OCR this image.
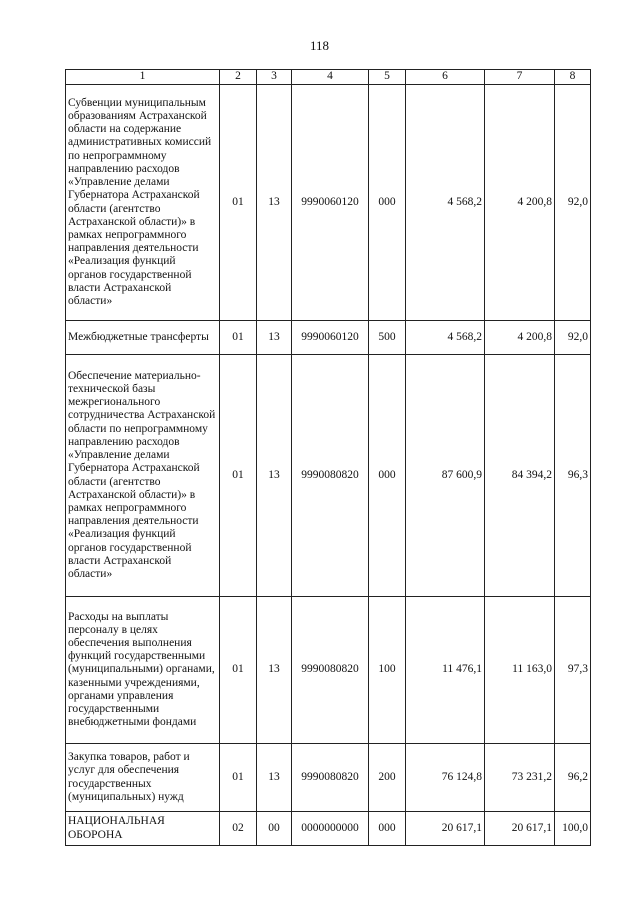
118
1	2	3	4	5	6	7	8
Субвенции муниципальным образованиям Астраханской области на содержание административных комиссий по непрограммному направлению расходов «Управление делами Губернатора Астраханской области (агентство Астраханской области)» в рамках непрограммного направления деятельности «Реализация функций органов государственной власти Астраханской области»	01	13	9990060120	000	4 568,2	4 200,8	92,0
Межбюджетные трансферты	01	13	9990060120	500	4 568,2	4 200,8	92,0
Обеспечение материально-технической базы межрегионального сотрудничества Астраханской области по непрограммному направлению расходов «Управление делами Губернатора Астраханской области (агентство Астраханской области)» в рамках непрограммного направления деятельности «Реализация функций органов государственной власти Астраханской области»	01	13	9990080820	000	87 600,9	84 394,2	96,3
Расходы на выплаты персоналу в целях обеспечения выполнения функций государственными (муниципальными) органами, казенными учреждениями, органами управления государственными внебюджетными фондами	01	13	9990080820	100	11 476,1	11 163,0	97,3
Закупка товаров, работ и услуг для обеспечения государственных (муниципальных) нужд	01	13	9990080820	200	76 124,8	73 231,2	96,2
НАЦИОНАЛЬНАЯ ОБОРОНА	02	00	0000000000	000	20 617,1	20 617,1	100,0
